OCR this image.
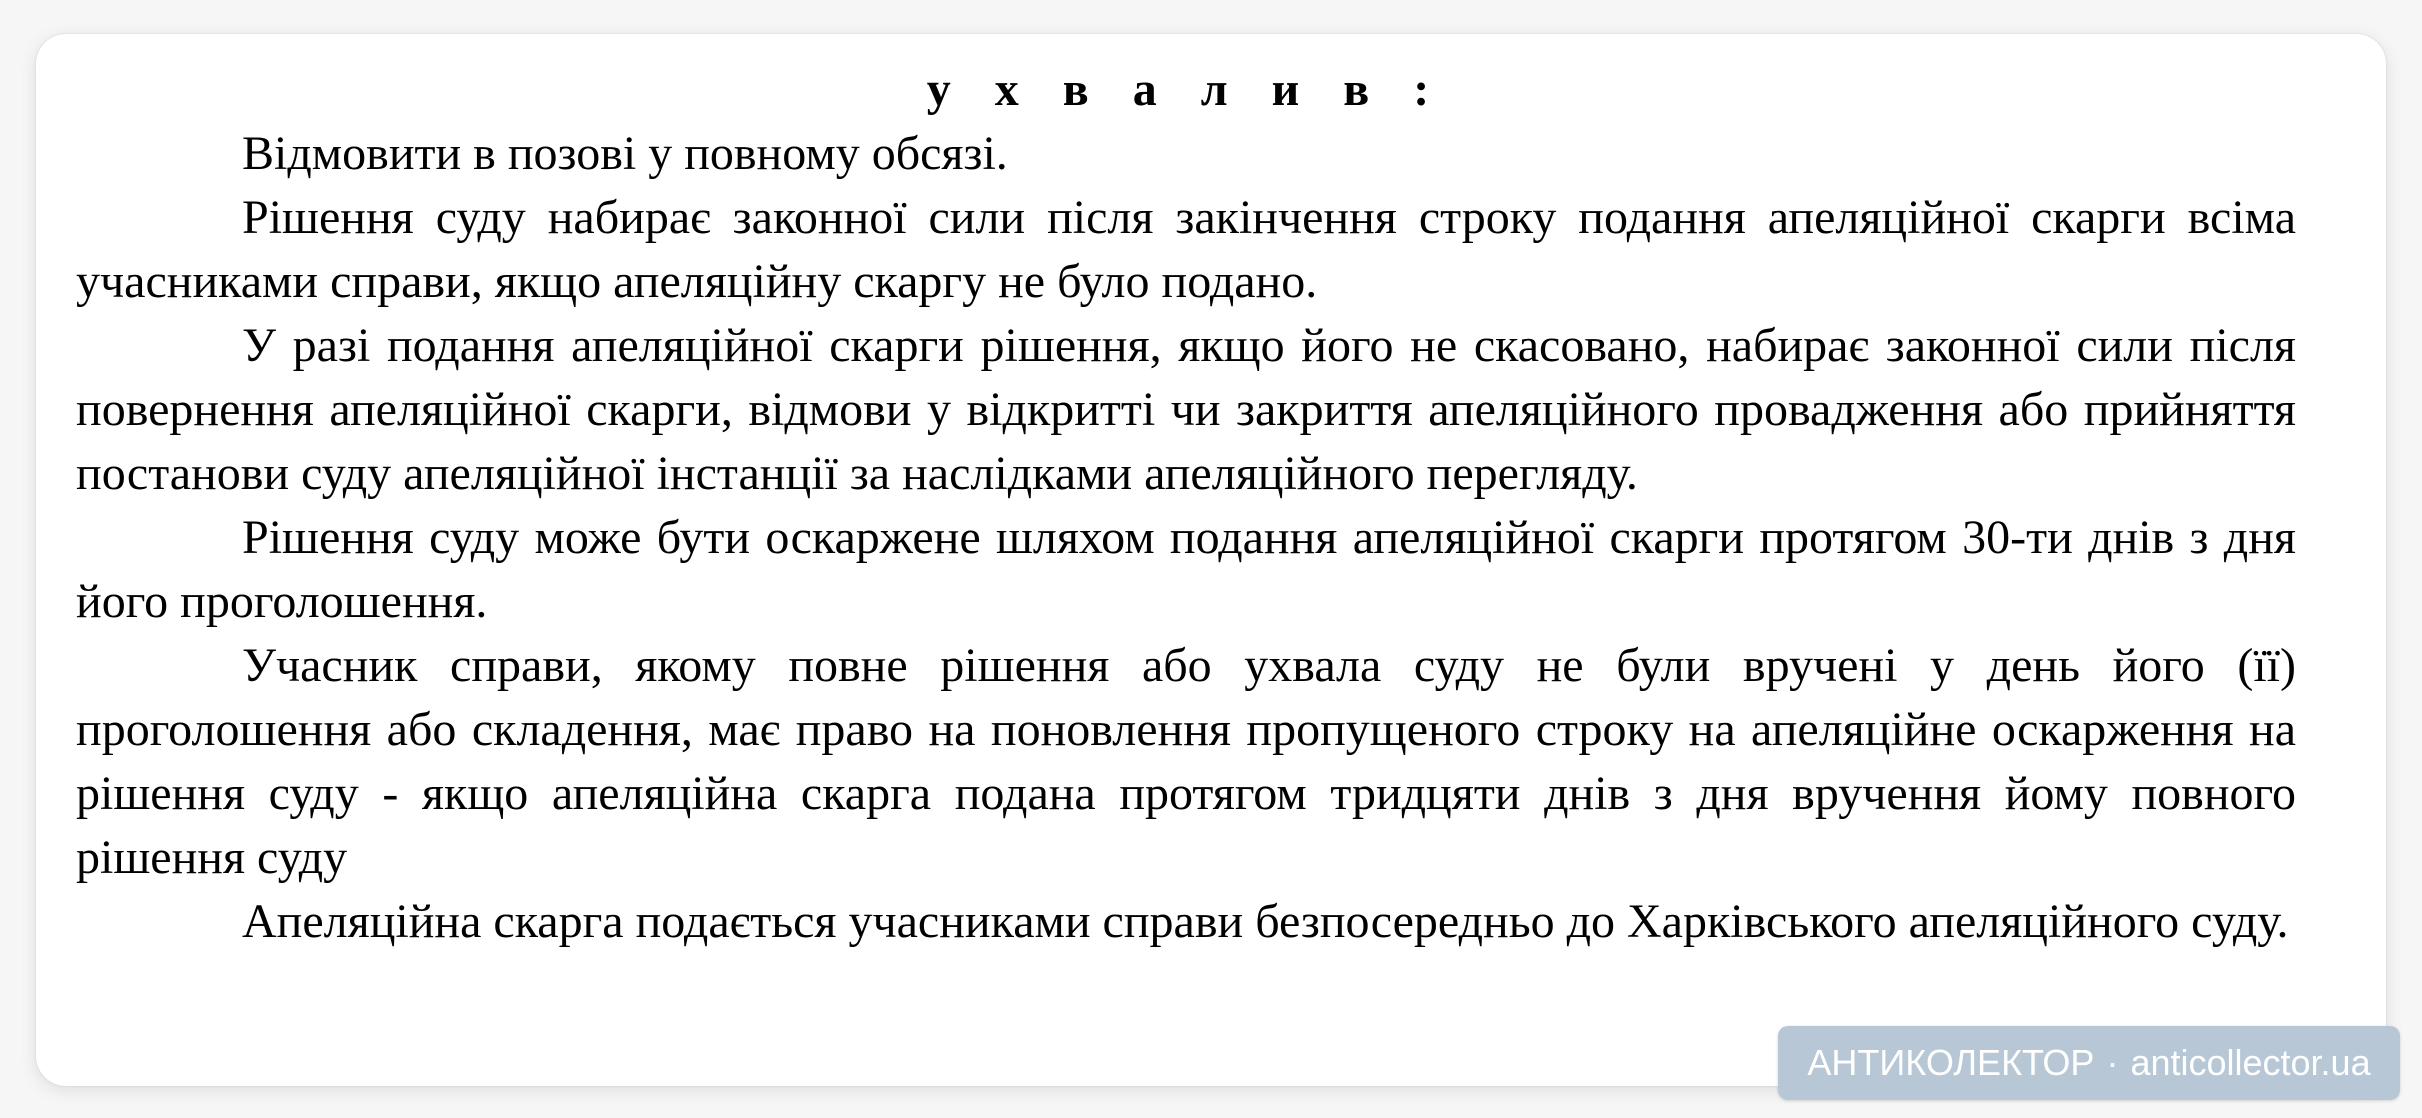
у х в а л и в :

Відмовити в позові у повному обсязі.

Рішення суду набирає законної сили після закінчення строку подання апеляційної скарги всіма учасниками справи, якщо апеляційну скаргу не було подано.

У разі подання апеляційної скарги рішення, якщо його не скасовано, набирає законної сили після повернення апеляційної скарги, відмови у відкритті чи закриття апеляційного провадження або прийняття постанови суду апеляційної інстанції за наслідками апеляційного перегляду.

Рішення суду може бути оскаржене шляхом подання апеляційної скарги протягом 30-ти днів з дня його проголошення.

Учасник справи, якому повне рішення або ухвала суду не були вручені у день його (її) проголошення або складення, має право на поновлення пропущеного строку на апеляційне оскарження на рішення суду - якщо апеляційна скарга подана протягом тридцяти днів з дня вручення йому повного рішення суду

Апеляційна скарга подається учасниками справи безпосередньо до Харківського апеляційного суду.

АНТИКОЛЕКТОР · anticollector.ua
